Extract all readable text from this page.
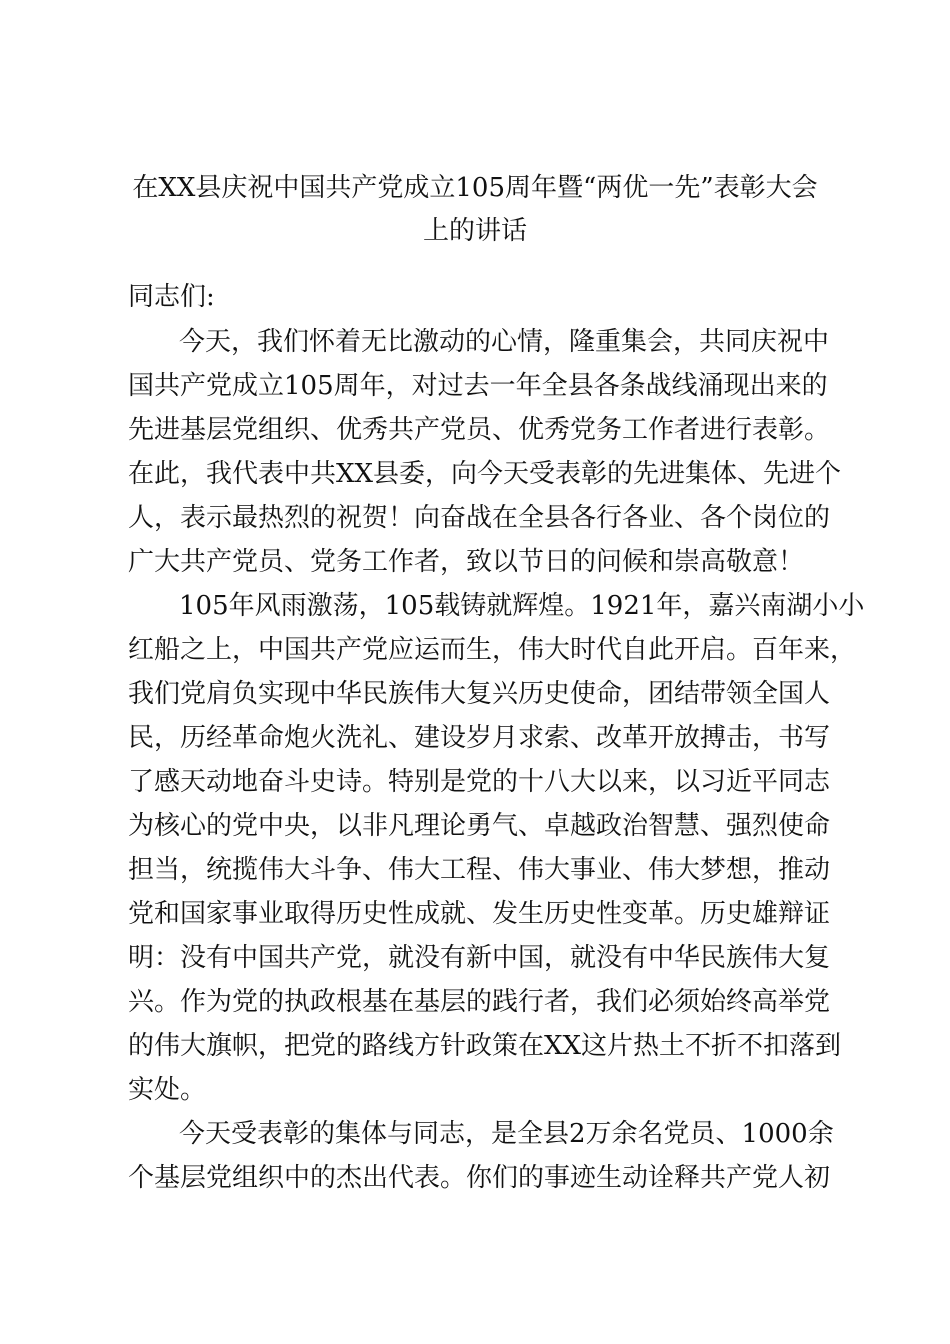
在XX县庆祝中国共产党成立105周年暨“两优一先”表彰大会
上的讲话
同志们:
今天，我们怀着无比激动的心情，隆重集会，共同庆祝中
国共产党成立105周年，对过去一年全县各条战线涌现出来的
先进基层党组织、优秀共产党员、优秀党务工作者进行表彰。
在此，我代表中共XX县委，向今天受表彰的先进集体、先进个
人，表示最热烈的祝贺！向奋战在全县各行各业、各个岗位的
广大共产党员、党务工作者，致以节日的问候和崇高敬意！
105年风雨激荡，105载铸就辉煌。1921年，嘉兴南湖小小
红船之上，中国共产党应运而生，伟大时代自此开启。百年来，
我们党肩负实现中华民族伟大复兴历史使命，团结带领全国人
民，历经革命炮火洗礼、建设岁月求索、改革开放搏击，书写
了感天动地奋斗史诗。特别是党的十八大以来，以习近平同志
为核心的党中央，以非凡理论勇气、卓越政治智慧、强烈使命
担当，统揽伟大斗争、伟大工程、伟大事业、伟大梦想，推动
党和国家事业取得历史性成就、发生历史性变革。历史雄辩证
明：没有中国共产党，就没有新中国，就没有中华民族伟大复
兴。作为党的执政根基在基层的践行者，我们必须始终高举党
的伟大旗帜，把党的路线方针政策在XX这片热土不折不扣落到
实处。
今天受表彰的集体与同志，是全县2万余名党员、1000余
个基层党组织中的杰出代表。你们的事迹生动诠释共产党人初
